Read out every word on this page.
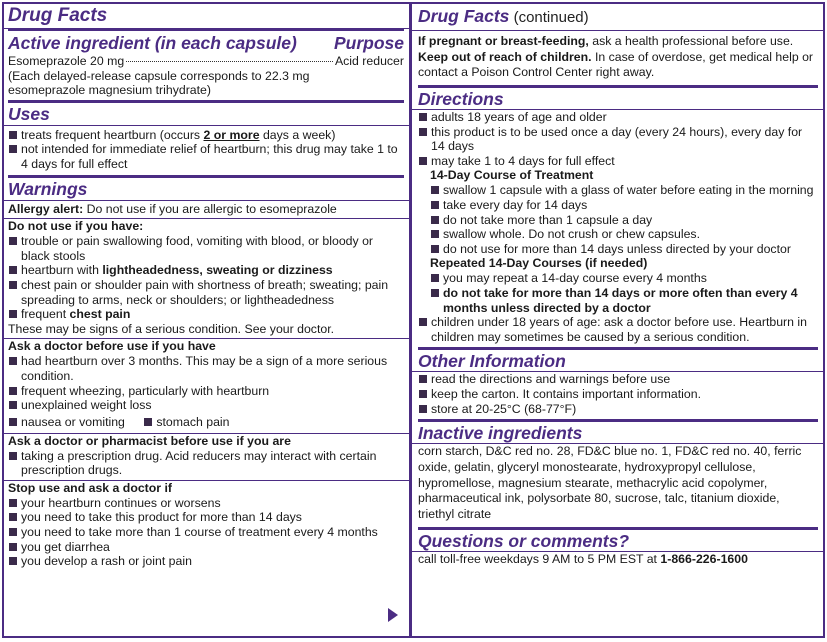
Drug Facts
Active ingredient (in each capsule) Purpose
Esomeprazole 20 mg	Acid reducer
(Each delayed-release capsule corresponds to 22.3 mg
esomeprazole magnesium trihydrate)
Uses
treats frequent heartburn (occurs 2 or more days a week)
not intended for immediate relief of heartburn; this drug may take 1 to 4 days for full effect
Warnings
Allergy alert: Do not use if you are allergic to esomeprazole
Do not use if you have:
trouble or pain swallowing food, vomiting with blood, or bloody or black stools
heartburn with lightheadedness, sweating or dizziness
chest pain or shoulder pain with shortness of breath; sweating; pain spreading to arms, neck or shoulders; or lightheadedness
frequent chest pain
These may be signs of a serious condition. See your doctor.
Ask a doctor before use if you have
had heartburn over 3 months. This may be a sign of a more serious condition.
frequent wheezing, particularly with heartburn
unexplained weight loss
nausea or vomiting	stomach pain
Ask a doctor or pharmacist before use if you are
taking a prescription drug. Acid reducers may interact with certain prescription drugs.
Stop use and ask a doctor if
your heartburn continues or worsens
you need to take this product for more than 14 days
you need to take more than 1 course of treatment every 4 months
you get diarrhea
you develop a rash or joint pain
Drug Facts (continued)
If pregnant or breast-feeding, ask a health professional before use.
Keep out of reach of children. In case of overdose, get medical help or contact a Poison Control Center right away.
Directions
adults 18 years of age and older
this product is to be used once a day (every 24 hours), every day for 14 days
may take 1 to 4 days for full effect
14-Day Course of Treatment
swallow 1 capsule with a glass of water before eating in the morning
take every day for 14 days
do not take more than 1 capsule a day
swallow whole. Do not crush or chew capsules.
do not use for more than 14 days unless directed by your doctor
Repeated 14-Day Courses (if needed)
you may repeat a 14-day course every 4 months
do not take for more than 14 days or more often than every 4 months unless directed by a doctor
children under 18 years of age: ask a doctor before use. Heartburn in children may sometimes be caused by a serious condition.
Other Information
read the directions and warnings before use
keep the carton. It contains important information.
store at 20-25°C (68-77°F)
Inactive ingredients
corn starch, D&C red no. 28, FD&C blue no. 1, FD&C red no. 40, ferric oxide, gelatin, glyceryl monostearate, hydroxypropyl cellulose, hypromellose, magnesium stearate, methacrylic acid copolymer, pharmaceutical ink, polysorbate 80, sucrose, talc, titanium dioxide, triethyl citrate
Questions or comments?
call toll-free weekdays 9 AM to 5 PM EST at 1-866-226-1600
